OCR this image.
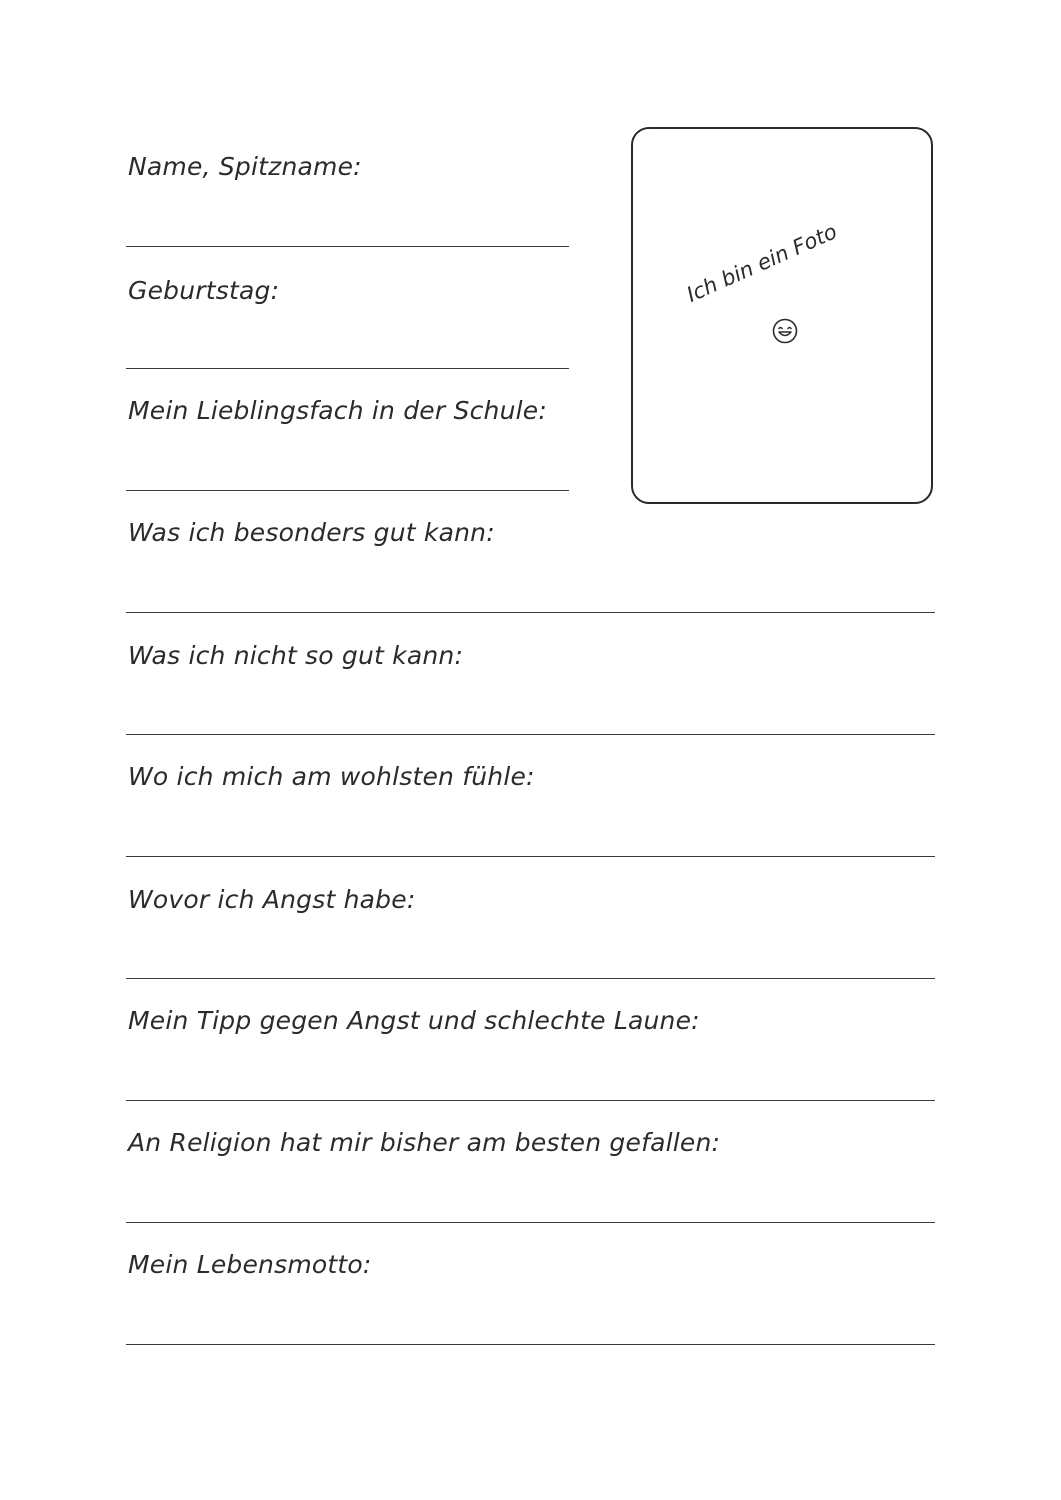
Name, Spitzname:
Geburtstag:
Mein Lieblingsfach in der Schule:
Was ich besonders gut kann:
Was ich nicht so gut kann:
Wo ich mich am wohlsten fühle:
Wovor ich Angst habe:
Mein Tipp gegen Angst und schlechte Laune:
An Religion hat mir bisher am besten gefallen:
Mein Lebensmotto:
Ich bin ein Foto
